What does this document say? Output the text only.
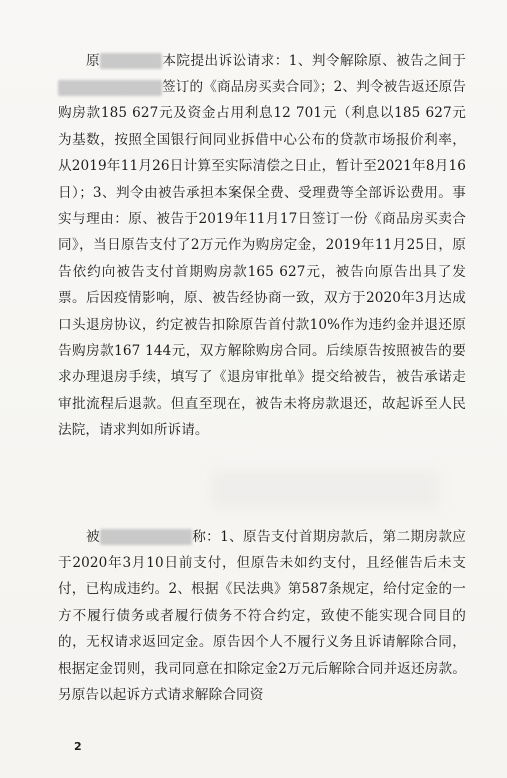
原	本院提出诉讼请求：1、判令解除原、被告之间于签订的《商品房买卖合同》；2、判令被告返还原告购房款185 627元及资金占用利息12 701元（利息以185 627元为基数，按照全国银行间同业拆借中心公布的贷款市场报价利率，从2019年11月26日计算至实际清偿之日止，暂计至2021年8月16日）；3、判令由被告承担本案保全费、受理费等全部诉讼费用。事实与理由：原、被告于2019年11月17日签订一份《商品房买卖合同》，当日原告支付了2万元作为购房定金，2019年11月25日，原告依约向被告支付首期购房款165 627元，被告向原告出具了发票。后因疫情影响，原、被告经协商一致，双方于2020年3月达成口头退房协议，约定被告扣除原告首付款10%作为违约金并退还原告购房款167 144元，双方解除购房合同。后续原告按照被告的要求办理退房手续，填写了《退房审批单》提交给被告，被告承诺走审批流程后退款。但直至现在，被告未将房款退还，故起诉至人民法院，请求判如所诉请。

被	称：1、原告支付首期房款后，第二期房款应于2020年3月10日前支付，但原告未如约支付，且经催告后未支付，已构成违约。2、根据《民法典》第587条规定，给付定金的一方不履行债务或者履行债务不符合约定，致使不能实现合同目的的，无权请求返回定金。原告因个人不履行义务且诉请解除合同，根据定金罚则，我司同意在扣除定金2万元后解除合同并返还房款。另原告以起诉方式请求解除合同资

2
